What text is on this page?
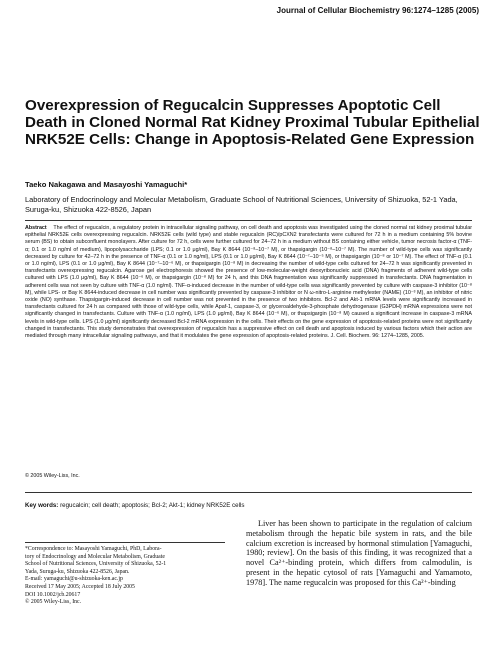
Journal of Cellular Biochemistry 96:1274–1285 (2005)
Overexpression of Regucalcin Suppresses Apoptotic Cell Death in Cloned Normal Rat Kidney Proximal Tubular Epithelial NRK52E Cells: Change in Apoptosis-Related Gene Expression
Taeko Nakagawa and Masayoshi Yamaguchi*
Laboratory of Endocrinology and Molecular Metabolism, Graduate School of Nutritional Sciences, University of Shizuoka, 52-1 Yada, Suruga-ku, Shizuoka 422-8526, Japan

Abstract The effect of regucalcin, a regulatory protein in intracellular signaling pathway, on cell death and apoptosis was investigated using the cloned normal rat kidney proximal tubular epithelial NRK52E cells overexpressing regucalcin. NRK52E cells (wild type) and stable regucalcin (RC)/pCXN2 transfectants were cultured for 72 h in a medium containing 5% bovine serum (BS) to obtain subconfluent monolayers. After culture for 72 h, cells were further cultured for 24–72 h in a medium without BS containing either vehicle, tumor necrosis factor-α (TNF-α; 0.1 or 1.0 ng/ml of medium), lipopolysaccharide (LPS; 0.1 or 1.0 μg/ml), Bay K 8644 (10⁻⁸–10⁻⁷ M), or thapsigargin (10⁻⁸–10⁻⁷ M). The number of wild-type cells was significantly decreased by culture for 42–72 h in the presence of TNF-α (0.1 or 1.0 ng/ml), LPS (0.1 or 1.0 μg/ml), Bay K 8644 (10⁻⁷–10⁻⁵ M), or thapsigargin (10⁻⁸ or 10⁻⁷ M). The effect of TNF-α (0.1 or 1.0 ng/ml), LPS (0.1 or 1.0 μg/ml), Bay K 8644 (10⁻⁷–10⁻⁶ M), or thapsigargin (10⁻⁸ M) in decreasing the number of wild-type cells cultured for 24–72 h was significantly prevented in transfectants overexpressing regucalcin. Agarose gel electrophoresis showed the presence of low-molecular-weight deoxyribonucleic acid (DNA) fragments of adherent wild-type cells cultured with LPS (1.0 μg/ml), Bay K 8644 (10⁻⁶ M), or thapsigargin (10⁻⁸ M) for 24 h, and this DNA fragmentation was significantly suppressed in transfectants. DNA fragmentation in adherent cells was not seen by culture with TNF-α (1.0 ng/ml). TNF-α-induced decrease in the number of wild-type cells was significantly prevented by culture with caspase-3 inhibitor (10⁻⁸ M), while LPS- or Bay K 8644-induced decrease in cell number was significantly prevented by caspase-3 inhibitor or N ω-nitro-L-arginine methylester (NAME) (10⁻³ M), an inhibitor of nitric oxide (NO) synthase. Thapsigargin-induced decrease in cell number was not prevented in the presence of two inhibitors. Bcl-2 and Akt-1 mRNA levels were significantly increased in transfectants cultured for 24 h as compared with those of wild-type cells, while Apaf-1, caspase-3, or glyceroaldehyde-3-phosphate dehydrogenase (G3PDH) mRNA expressions were not significantly changed in transfectants. Culture with TNF-α (1.0 ng/ml), LPS (1.0 μg/ml), Bay K 8644 (10⁻⁶ M), or thapsigargin (10⁻⁸ M) caused a significant increase in caspase-3 mRNA levels in wild-type cells. LPS (1.0 μg/ml) significantly decreased Bcl-2 mRNA expression in the cells. Their effects on the gene expression of apoptosis-related proteins were not significantly changed in transfectants. This study demonstrates that overexpression of regucalcin has a suppressive effect on cell death and apoptosis induced by various factors which their action are mediated through many intracellular signaling pathways, and that it modulates the gene expression of apoptosis-related proteins. J. Cell. Biochem. 96: 1274–1285, 2005.

© 2005 Wiley-Liss, Inc.
Key words: regucalcin; cell death; apoptosis; Bcl-2; Akt-1; kidney NRK52E cells
*Correspondence to: Masayoshi Yamaguchi, PhD, Labora-
tory of Endocrinology and Molecular Metabolism, Graduate
School of Nutritional Sciences, University of Shizuoka, 52-1
Yada, Suruga-ku, Shizuoka 422-8526, Japan.
E-mail: yamaguchi@u-shizuoka-ken.ac.jp
Received 17 May 2005; Accepted 18 July 2005
DOI 10.1002/jcb.20617
© 2005 Wiley-Liss, Inc.

Liver has been shown to participate in the regulation of calcium metabolism through the hepatic bile system in rats, and the bile calcium excretion is increased by hormonal stimulation [Yamaguchi, 1980; review]. On the basis of this finding, it was recognized that a novel Ca²⁺-binding protein, which differs from calmodulin, is present in the hepatic cytosol of rats [Yamaguchi and Yamamoto, 1978]. The name regucalcin was proposed for this Ca²⁺-binding
